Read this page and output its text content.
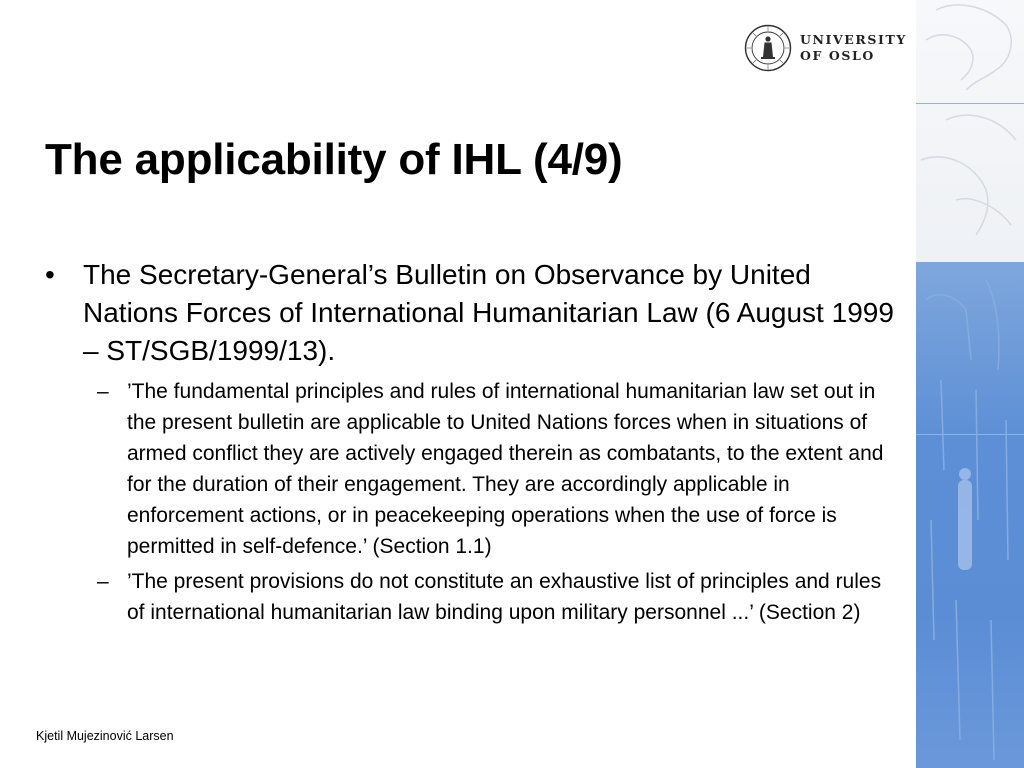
UNIVERSITY
OF OSLO
The applicability of IHL (4/9)
•	The Secretary-General’s Bulletin on Observance by United Nations Forces of International Humanitarian Law (6 August 1999 – ST/SGB/1999/13).
– ’The fundamental principles and rules of international humanitarian law set out in the present bulletin are applicable to United Nations forces when in situations of armed conflict they are actively engaged therein as combatants, to the extent and for the duration of their engagement. They are accordingly applicable in enforcement actions, or in peacekeeping operations when the use of force is permitted in self-defence.’ (Section 1.1)
– ’The present provisions do not constitute an exhaustive list of principles and rules of international humanitarian law binding upon military personnel ...’ (Section 2)
Kjetil Mujezinović Larsen
